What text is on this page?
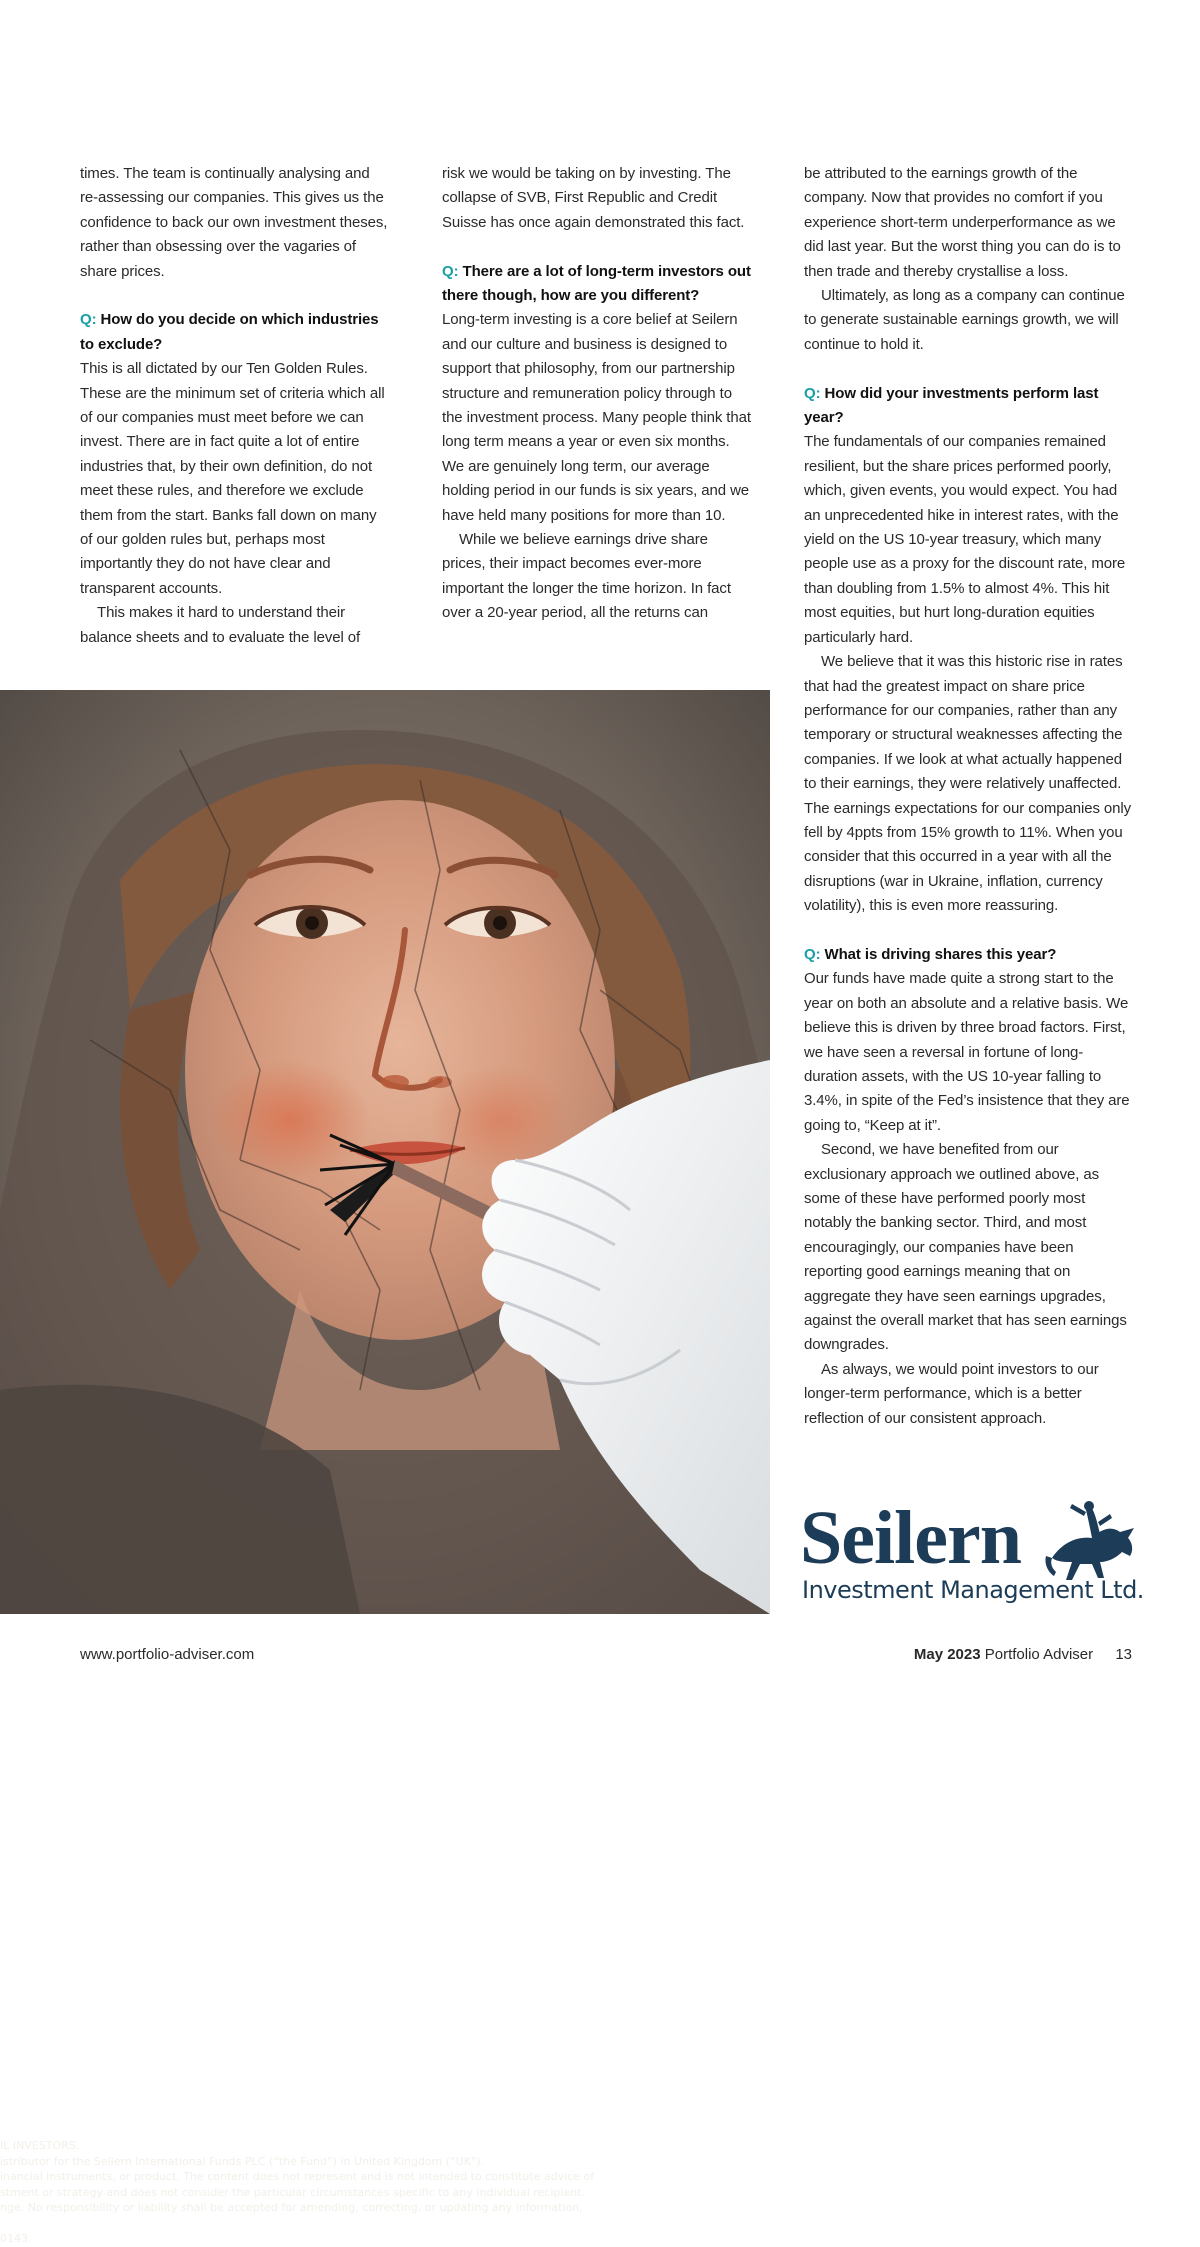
times. The team is continually analysing and re-assessing our companies. This gives us the confidence to back our own investment theses, rather than obsessing over the vagaries of share prices.

Q: How do you decide on which industries to exclude?

This is all dictated by our Ten Golden Rules. These are the minimum set of criteria which all of our companies must meet before we can invest. There are in fact quite a lot of entire industries that, by their own definition, do not meet these rules, and therefore we exclude them from the start. Banks fall down on many of our golden rules but, perhaps most importantly they do not have clear and transparent accounts.

This makes it hard to understand their balance sheets and to evaluate the level of

risk we would be taking on by investing. The collapse of SVB, First Republic and Credit Suisse has once again demonstrated this fact.

Q: There are a lot of long-term investors out there though, how are you different?

Long-term investing is a core belief at Seilern and our culture and business is designed to support that philosophy, from our partnership structure and remuneration policy through to the investment process. Many people think that long term means a year or even six months. We are genuinely long term, our average holding period in our funds is six years, and we have held many positions for more than 10.

While we believe earnings drive share prices, their impact becomes ever-more important the longer the time horizon. In fact over a 20-year period, all the returns can

be attributed to the earnings growth of the company. Now that provides no comfort if you experience short-term underperformance as we did last year. But the worst thing you can do is to then trade and thereby crystallise a loss.

Ultimately, as long as a company can continue to generate sustainable earnings growth, we will continue to hold it.

Q: How did your investments perform last year?

The fundamentals of our companies remained resilient, but the share prices performed poorly, which, given events, you would expect. You had an unprecedented hike in interest rates, with the yield on the US 10-year treasury, which many people use as a proxy for the discount rate, more than doubling from 1.5% to almost 4%. This hit most equities, but hurt long-duration equities particularly hard.

We believe that it was this historic rise in rates that had the greatest impact on share price performance for our companies, rather than any temporary or structural weaknesses affecting the companies. If we look at what actually happened to their earnings, they were relatively unaffected. The earnings expectations for our companies only fell by 4ppts from 15% growth to 11%. When you consider that this occurred in a year with all the disruptions (war in Ukraine, inflation, currency volatility), this is even more reassuring.

Q: What is driving shares this year?

Our funds have made quite a strong start to the year on both an absolute and a relative basis. We believe this is driven by three broad factors. First, we have seen a reversal in fortune of long-duration assets, with the US 10-year falling to 3.4%, in spite of the Fed’s insistence that they are going to, “Keep at it”.

Second, we have benefited from our exclusionary approach we outlined above, as some of these have performed poorly most notably the banking sector. Third, and most encouragingly, our companies have been reporting good earnings meaning that on aggregate they have seen earnings upgrades, against the overall market that has seen earnings downgrades.

As always, we would point investors to our longer-term performance, which is a better reflection of our consistent approach.

IL INVESTORS.

istributor for the Seilern International Funds PLC (“the Fund”) in United Kingdom (“UK”).

inancial instruments, or product. The content does not represent and is not intended to constitute advice of

stment or strategy and does not consider the particular circumstances specific to any individual recipient.

nge. No responsibility or liability shall be accepted for amending, correcting, or updating any information,

0143.

Seilern
Investment Management Ltd.
www.portfolio-adviser.com	May 2023 Portfolio Adviser 13
